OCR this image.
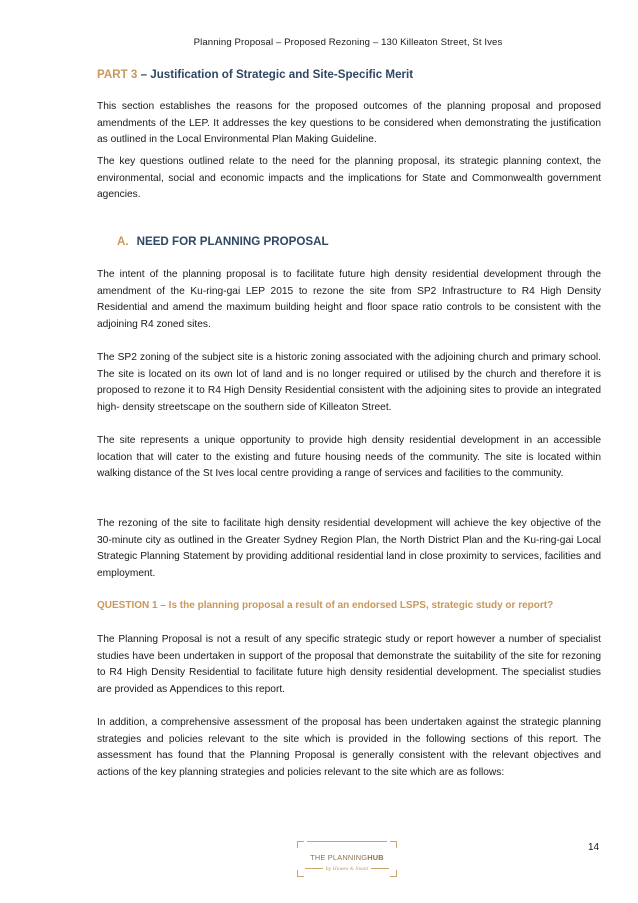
Planning Proposal – Proposed Rezoning – 130 Killeaton Street, St Ives
PART 3 – Justification of Strategic and Site-Specific Merit

This section establishes the reasons for the proposed outcomes of the planning proposal and proposed amendments of the LEP. It addresses the key questions to be considered when demonstrating the justification as outlined in the Local Environmental Plan Making Guideline.

The key questions outlined relate to the need for the planning proposal, its strategic planning context, the environmental, social and economic impacts and the implications for State and Commonwealth government agencies.

A. NEED FOR PLANNING PROPOSAL

The intent of the planning proposal is to facilitate future high density residential development through the amendment of the Ku-ring-gai LEP 2015 to rezone the site from SP2 Infrastructure to R4 High Density Residential and amend the maximum building height and floor space ratio controls to be consistent with the adjoining R4 zoned sites.

The SP2 zoning of the subject site is a historic zoning associated with the adjoining church and primary school. The site is located on its own lot of land and is no longer required or utilised by the church and therefore it is proposed to rezone it to R4 High Density Residential consistent with the adjoining sites to provide an integrated high- density streetscape on the southern side of Killeaton Street.

The site represents a unique opportunity to provide high density residential development in an accessible location that will cater to the existing and future housing needs of the community. The site is located within walking distance of the St Ives local centre providing a range of services and facilities to the community.

The rezoning of the site to facilitate high density residential development will achieve the key objective of the 30-minute city as outlined in the Greater Sydney Region Plan, the North District Plan and the Ku-ring-gai Local Strategic Planning Statement by providing additional residential land in close proximity to services, facilities and employment.

QUESTION 1 – Is the planning proposal a result of an endorsed LSPS, strategic study or report?

The Planning Proposal is not a result of any specific strategic study or report however a number of specialist studies have been undertaken in support of the proposal that demonstrate the suitability of the site for rezoning to R4 High Density Residential to facilitate future high density residential development. The specialist studies are provided as Appendices to this report.

In addition, a comprehensive assessment of the proposal has been undertaken against the strategic planning strategies and policies relevant to the site which is provided in the following sections of this report. The assessment has found that the Planning Proposal is generally consistent with the relevant objectives and actions of the key planning strategies and policies relevant to the site which are as follows:

THE PLANNINGHUB
by Hawes & Swan
14
